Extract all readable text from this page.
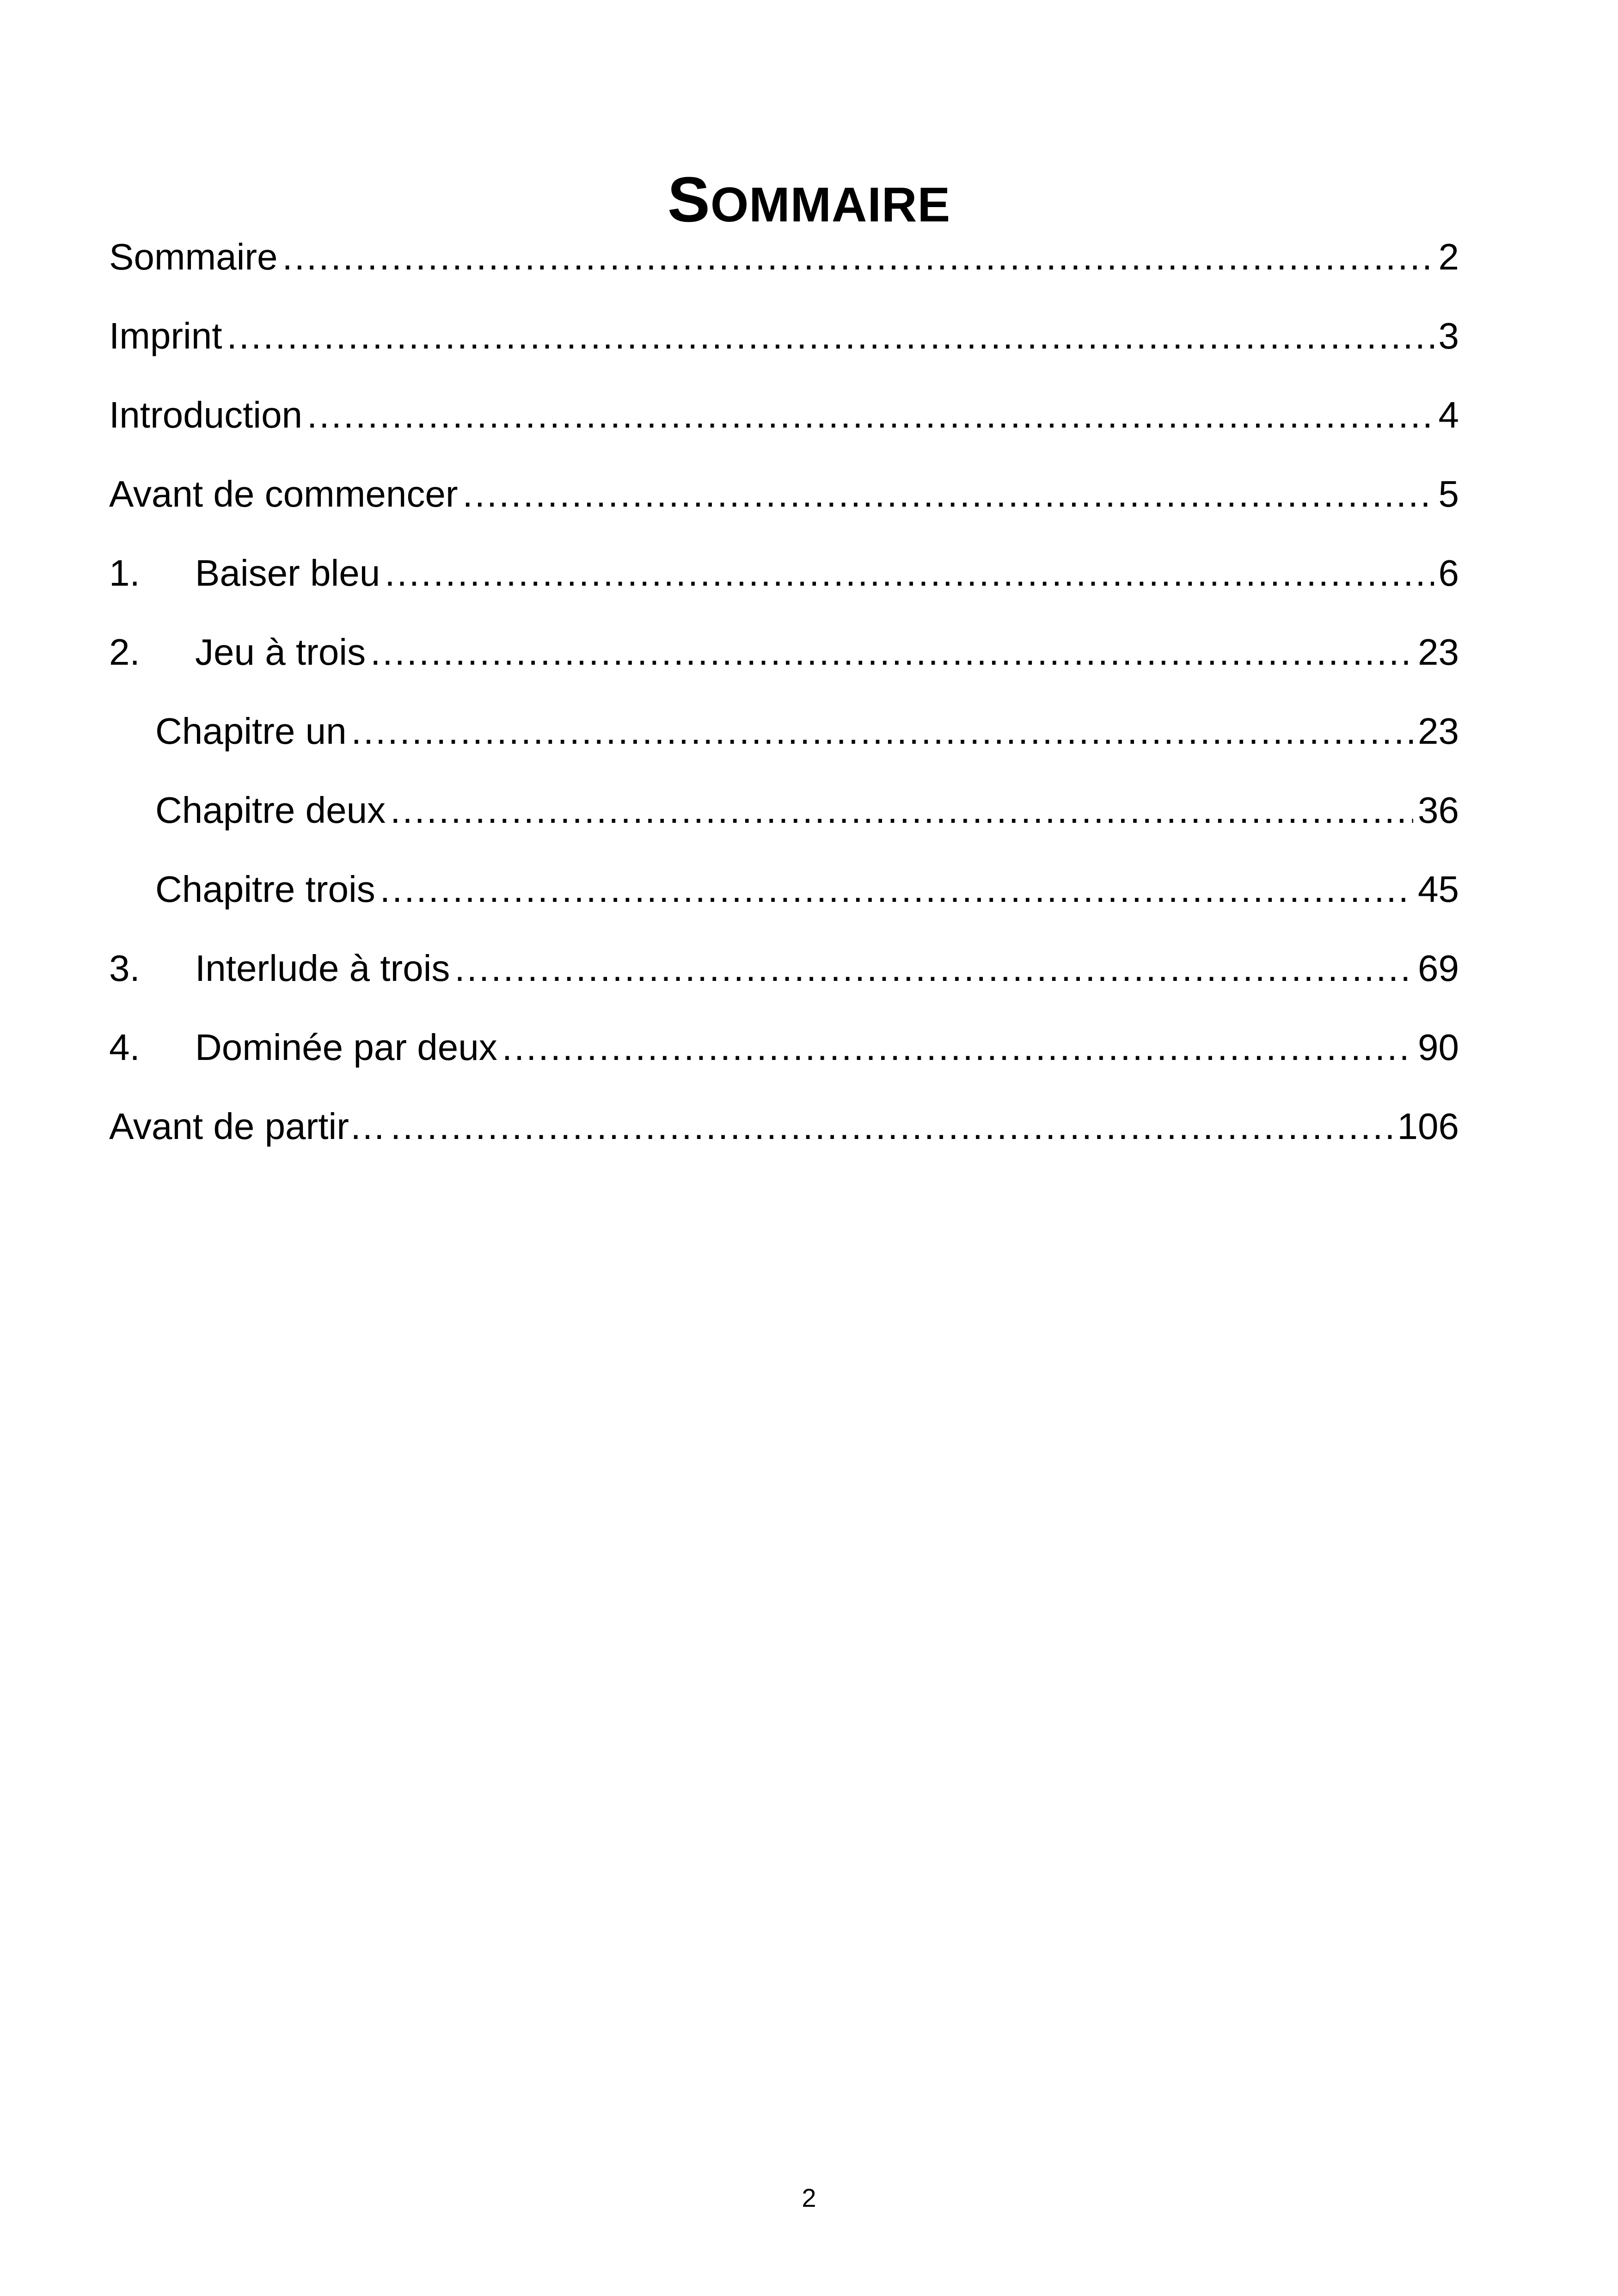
SOMMAIRE
Sommaire .....	2
Imprint .....	3
Introduction .....	4
Avant de commencer .....	5
1.	Baiser bleu .....	6
2.	Jeu à trois .....	23
Chapitre un .....	23
Chapitre deux .....	36
Chapitre trois .....	45
3.	Interlude à trois .....	69
4.	Dominée par deux .....	90
Avant de partir… .....	106
2
